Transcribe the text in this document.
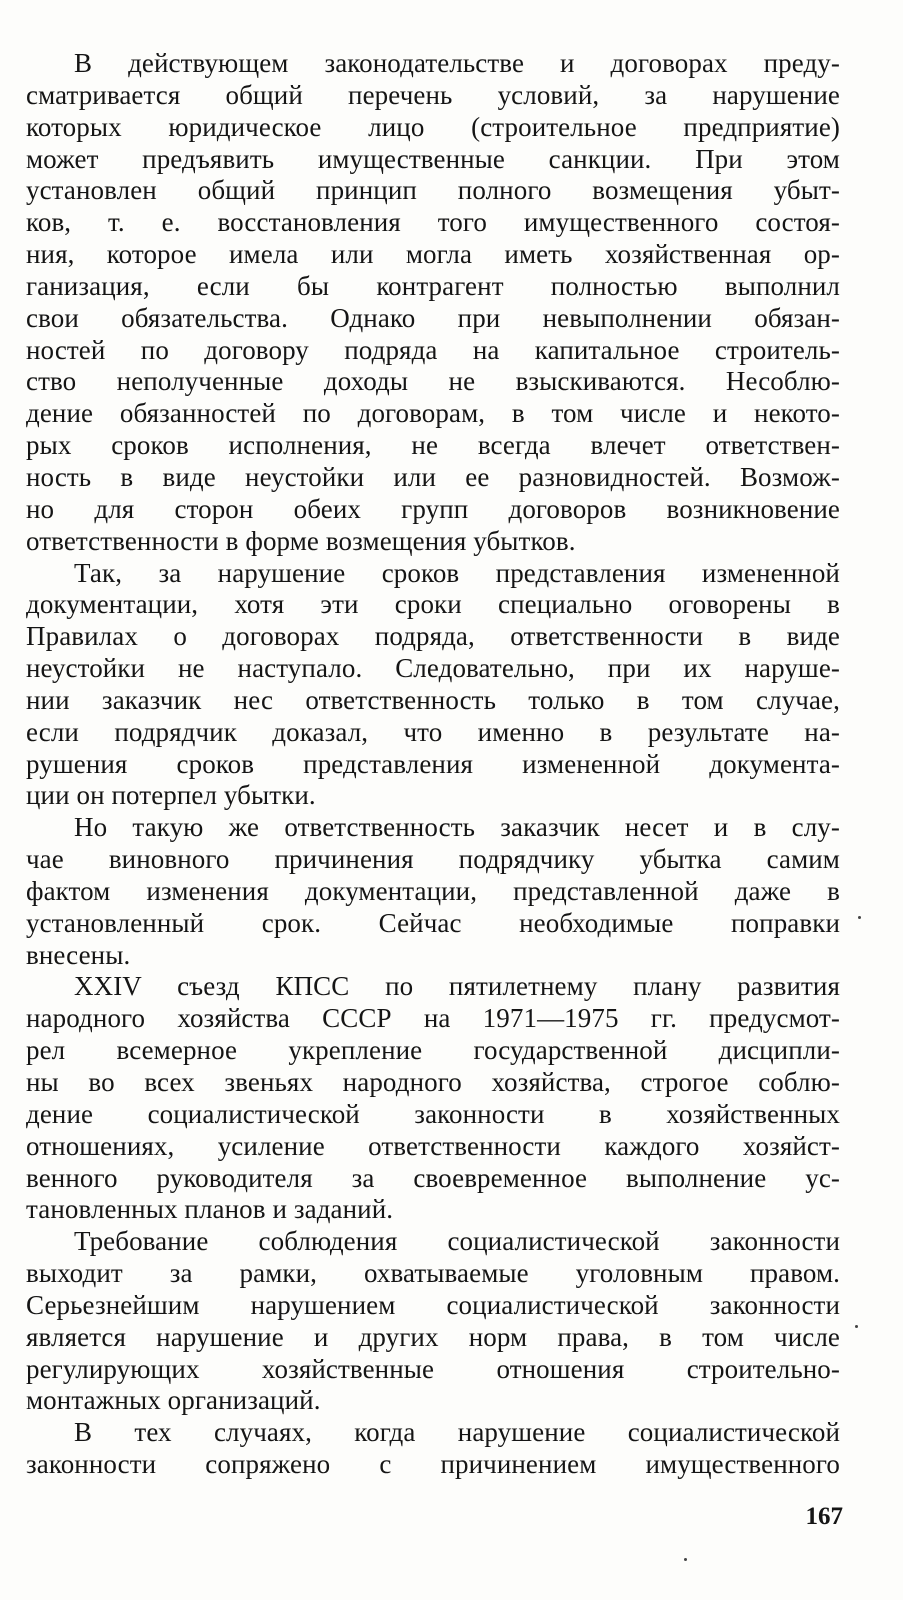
В действующем законодательстве и договорах преду-
сматривается общий перечень условий, за нарушение
которых юридическое лицо (строительное предприятие)
может предъявить имущественные санкции. При этом
установлен общий принцип полного возмещения убыт-
ков, т. е. восстановления того имущественного состоя-
ния, которое имела или могла иметь хозяйственная ор-
ганизация, если бы контрагент полностью выполнил
свои обязательства. Однако при невыполнении обязан-
ностей по договору подряда на капитальное строитель-
ство неполученные доходы не взыскиваются. Несоблю-
дение обязанностей по договорам, в том числе и некото-
рых сроков исполнения, не всегда влечет ответствен-
ность в виде неустойки или ее разновидностей. Возмож-
но для сторон обеих групп договоров возникновение
ответственности в форме возмещения убытков.
Так, за нарушение сроков представления измененной
документации, хотя эти сроки специально оговорены в
Правилах о договорах подряда, ответственности в виде
неустойки не наступало. Следовательно, при их наруше-
нии заказчик нес ответственность только в том случае,
если подрядчик доказал, что именно в результате на-
рушения сроков представления измененной документа-
ции он потерпел убытки.
Но такую же ответственность заказчик несет и в слу-
чае виновного причинения подрядчику убытка самим
фактом изменения документации, представленной даже в
установленный срок. Сейчас необходимые поправки
внесены.
XXIV съезд КПСС по пятилетнему плану развития
народного хозяйства СССР на 1971—1975 гг. предусмот-
рел всемерное укрепление государственной дисципли-
ны во всех звеньях народного хозяйства, строгое соблю-
дение социалистической законности в хозяйственных
отношениях, усиление ответственности каждого хозяйст-
венного руководителя за своевременное выполнение ус-
тановленных планов и заданий.
Требование соблюдения социалистической законности
выходит за рамки, охватываемые уголовным правом.
Серьезнейшим нарушением социалистической законности
является нарушение и других норм права, в том числе
регулирующих хозяйственные отношения строительно-
монтажных организаций.
В тех случаях, когда нарушение социалистической
законности сопряжено с причинением имущественного
167
